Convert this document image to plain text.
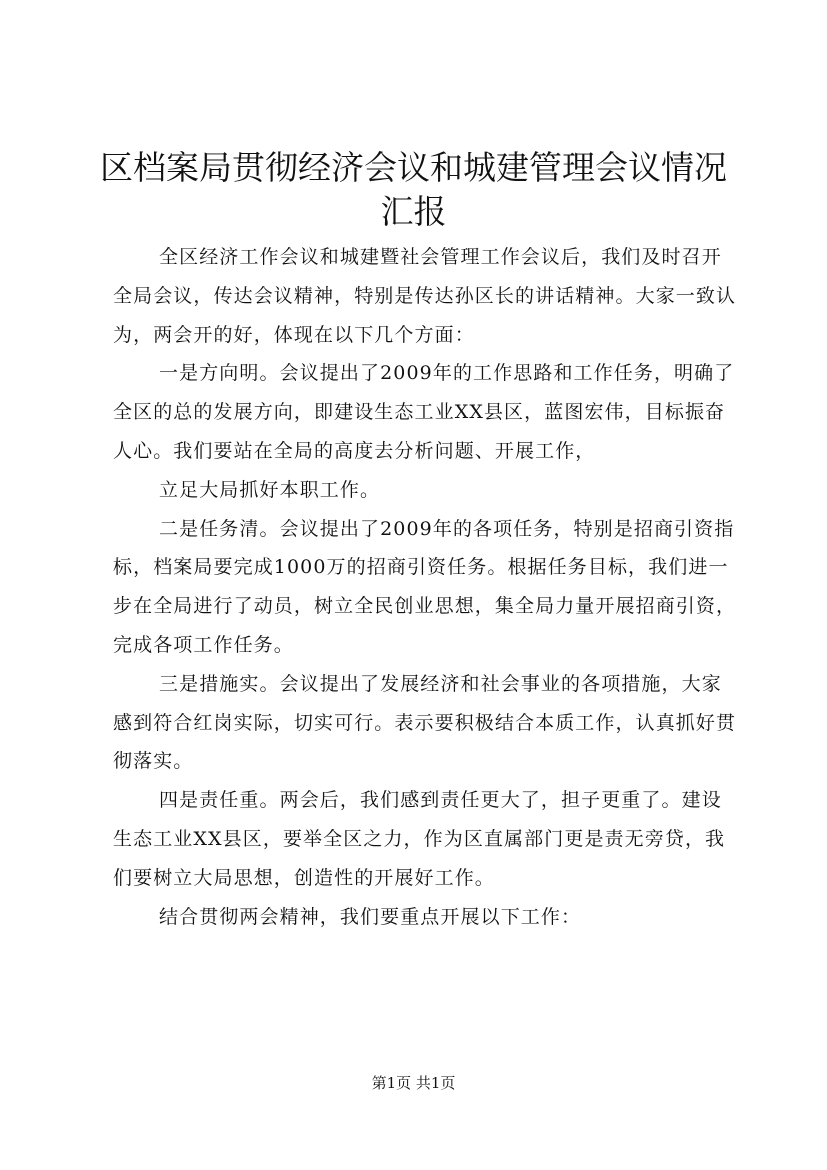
区档案局贯彻经济会议和城建管理会议情况汇报

全区经济工作会议和城建暨社会管理工作会议后，我们及时召开全局会议，传达会议精神，特别是传达孙区长的讲话精神。大家一致认为，两会开的好，体现在以下几个方面：

一是方向明。会议提出了2009年的工作思路和工作任务，明确了全区的总的发展方向，即建设生态工业XX县区，蓝图宏伟，目标振奋人心。我们要站在全局的高度去分析问题、开展工作，

立足大局抓好本职工作。

二是任务清。会议提出了2009年的各项任务，特别是招商引资指标，档案局要完成1000万的招商引资任务。根据任务目标，我们进一步在全局进行了动员，树立全民创业思想，集全局力量开展招商引资，完成各项工作任务。

三是措施实。会议提出了发展经济和社会事业的各项措施，大家感到符合红岗实际，切实可行。表示要积极结合本质工作，认真抓好贯彻落实。

四是责任重。两会后，我们感到责任更大了，担子更重了。建设生态工业XX县区，要举全区之力，作为区直属部门更是责无旁贷，我们要树立大局思想，创造性的开展好工作。

结合贯彻两会精神，我们要重点开展以下工作：

第1页 共1页
